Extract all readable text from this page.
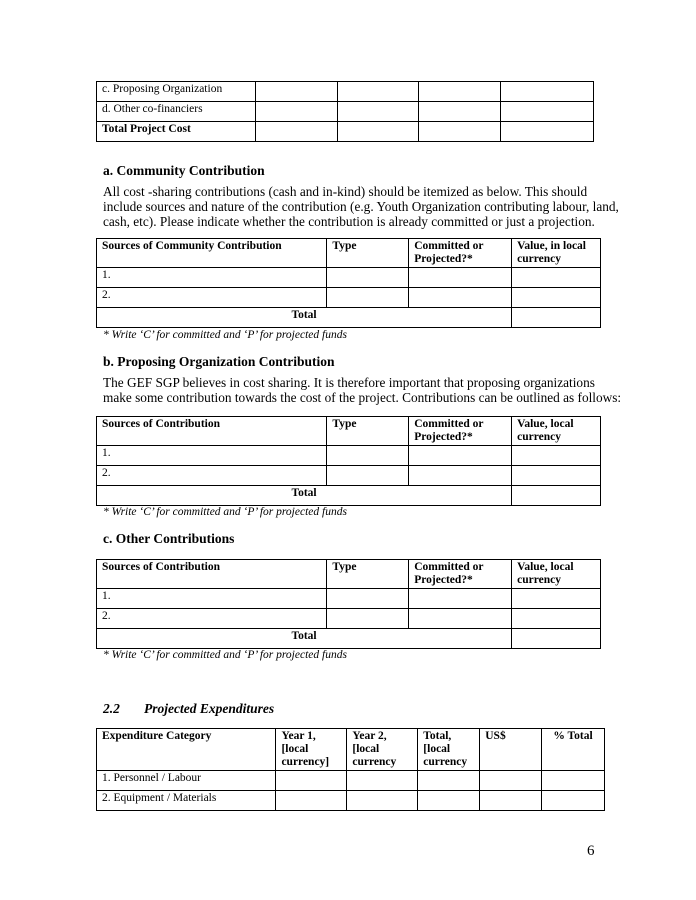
c. Proposing Organization				
d. Other co-financiers				
Total Project Cost				
a. Community Contribution
All cost -sharing contributions (cash and in-kind) should be itemized as below. This should
include sources and nature of the contribution (e.g. Youth Organization contributing labour, land,
cash, etc). Please indicate whether the contribution is already committed or just a projection.
Sources of Community Contribution	Type	Committed or Projected?*	Value, in local currency
1.			
2.			
Total			
* Write ‘C’ for committed and ‘P’ for projected funds
b. Proposing Organization Contribution
The GEF SGP believes in cost sharing. It is therefore important that proposing organizations
make some contribution towards the cost of the project. Contributions can be outlined as follows:
Sources of Contribution	Type	Committed or Projected?*	Value, local currency
1.			
2.			
Total			
* Write ‘C’ for committed and ‘P’ for projected funds
c. Other Contributions
Sources of Contribution	Type	Committed or Projected?*	Value, local currency
1.			
2.			
Total			
* Write ‘C’ for committed and ‘P’ for projected funds
2.2 Projected Expenditures
Expenditure Category	Year 1, [local currency]	Year 2, [local currency	Total, [local currency	US$	% Total
1. Personnel / Labour					
2. Equipment / Materials					
6
